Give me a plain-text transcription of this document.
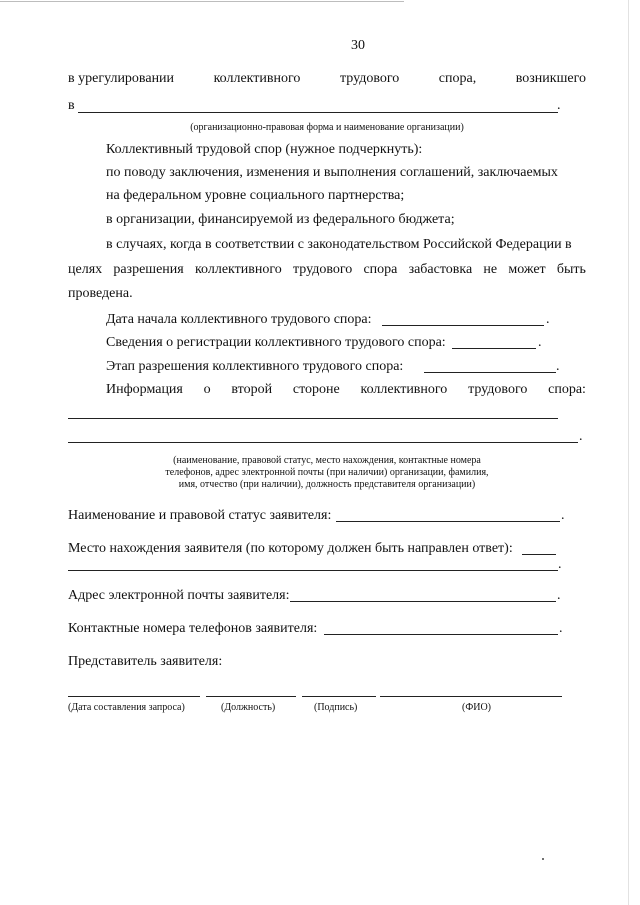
30
в урегулировании	коллективного	трудового	спора,	возникшего
в	.
(организационно-правовая форма и наименование организации)
Коллективный трудовой спор (нужное подчеркнуть):
по поводу заключения, изменения и выполнения соглашений, заключаемых
на федеральном уровне социального партнерства;
в организации, финансируемой из федерального бюджета;
в случаях, когда в соответствии с законодательством Российской Федерации в
целях разрешения коллективного трудового спора забастовка не может быть
проведена.
Дата начала коллективного трудового спора:	.
Сведения о регистрации коллективного трудового спора:	.
Этап разрешения коллективного трудового спора:	.
Информация о второй стороне коллективного трудового спора:
.
(наименование, правовой статус, место нахождения, контактные номера
телефонов, адрес электронной почты (при наличии) организации, фамилия,
имя, отчество (при наличии), должность представителя организации)
Наименование и правовой статус заявителя:	.
Место нахождения заявителя (по которому должен быть направлен ответ):
.
Адрес электронной почты заявителя:	.
Контактные номера телефонов заявителя:	.
Представитель заявителя:
(Дата составления запроса)	(Должность)	(Подпись)	(ФИО)
